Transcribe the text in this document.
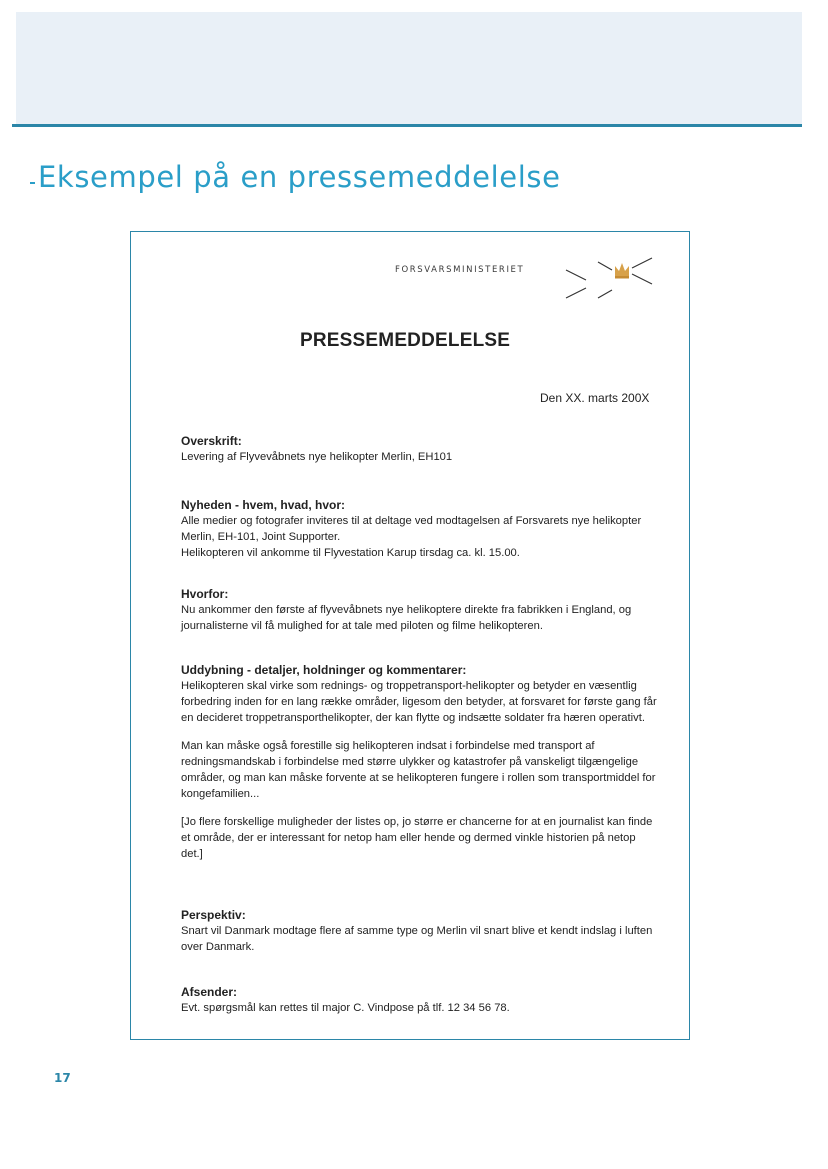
Eksempel på en pressemeddelelse
FORSVARSMINISTERIET
PRESSEMEDDELELSE
Den XX. marts 200X
Overskrift:

Levering af Flyvevåbnets nye helikopter Merlin, EH101

Nyheden - hvem, hvad, hvor:

Alle medier og fotografer inviteres til at deltage ved modtagelsen af Forsvarets nye helikopter Merlin, EH-101, Joint Supporter.

Helikopteren vil ankomme til Flyvestation Karup tirsdag ca. kl. 15.00.

Hvorfor:

Nu ankommer den første af flyvevåbnets nye helikoptere direkte fra fabrikken i England, og journalisterne vil få mulighed for at tale med piloten og filme helikopteren.

Uddybning - detaljer, holdninger og kommentarer:

Helikopteren skal virke som rednings- og troppetransport-helikopter og betyder en væsentlig forbedring inden for en lang række områder, ligesom den betyder, at forsvaret for første gang får en decideret troppetransporthelikopter, der kan flytte og indsætte soldater fra hæren operativt.

Man kan måske også forestille sig helikopteren indsat i forbindelse med transport af redningsmandskab i forbindelse med større ulykker og katastrofer på vanskeligt tilgængelige områder, og man kan måske forvente at se helikopteren fungere i rollen som transportmiddel for kongefamilien...

[Jo flere forskellige muligheder der listes op, jo større er chancerne for at en journalist kan finde et område, der er interessant for netop ham eller hende og dermed vinkle historien på netop det.]

Perspektiv:

Snart vil Danmark modtage flere af samme type og Merlin vil snart blive et kendt indslag i luften over Danmark.

Afsender:

Evt. spørgsmål kan rettes til major C. Vindpose på tlf. 12 34 56 78.

17
